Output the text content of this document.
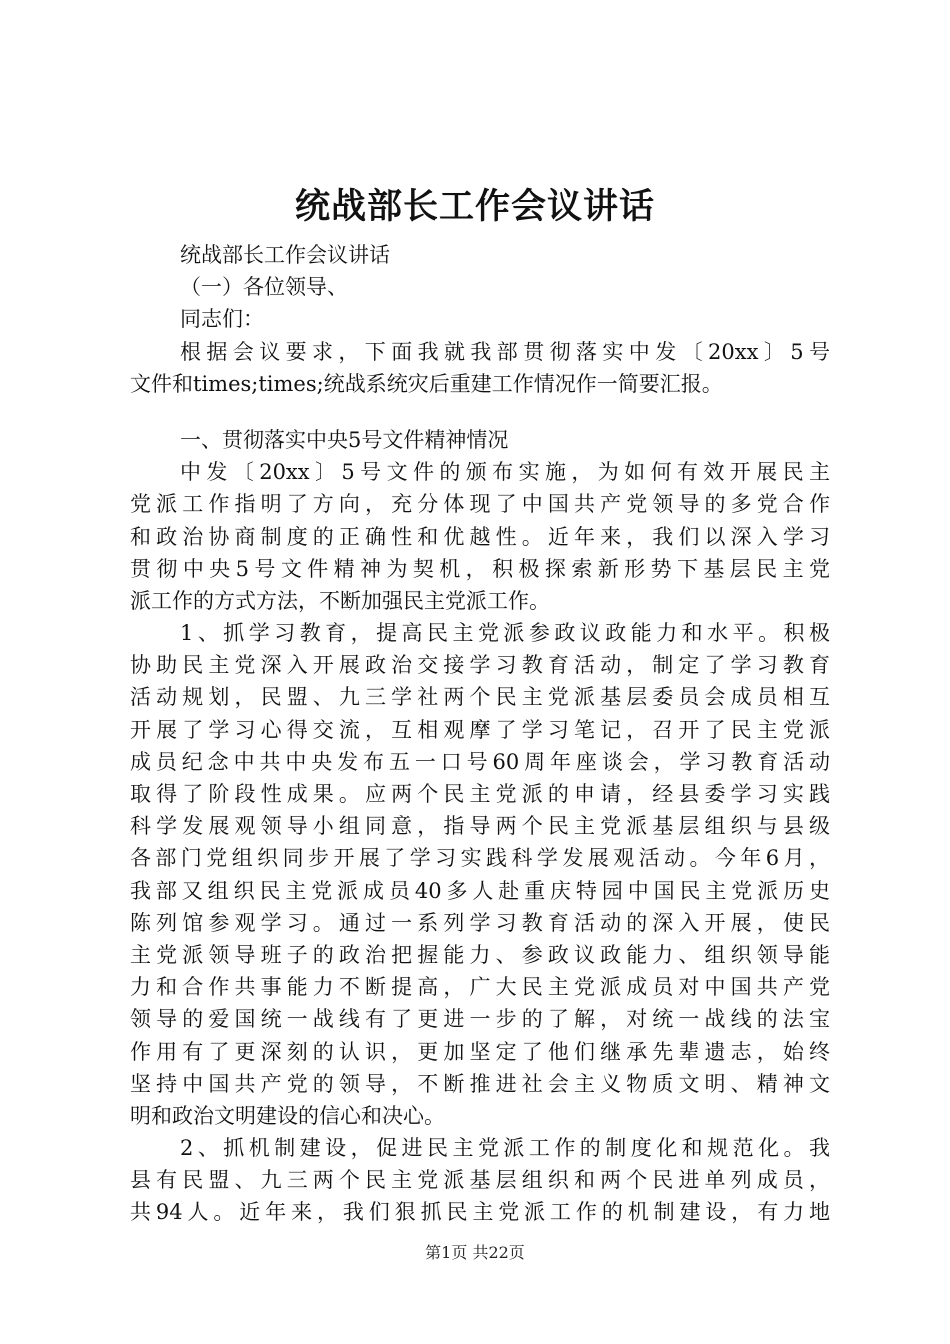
统战部长工作会议讲话
统战部长工作会议讲话
（一）各位领导、
同志们：
根据会议要求，下面我就我部贯彻落实中发〔20xx〕5号
文件和times;times;统战系统灾后重建工作情况作一简要汇报。
一、贯彻落实中央5号文件精神情况
中发〔20xx〕5号文件的颁布实施，为如何有效开展民主
党派工作指明了方向，充分体现了中国共产党领导的多党合作
和政治协商制度的正确性和优越性。近年来，我们以深入学习
贯彻中央5号文件精神为契机，积极探索新形势下基层民主党
派工作的方式方法，不断加强民主党派工作。
1、抓学习教育，提高民主党派参政议政能力和水平。积极
协助民主党深入开展政治交接学习教育活动，制定了学习教育
活动规划，民盟、九三学社两个民主党派基层委员会成员相互
开展了学习心得交流，互相观摩了学习笔记，召开了民主党派
成员纪念中共中央发布五一口号60周年座谈会，学习教育活动
取得了阶段性成果。应两个民主党派的申请，经县委学习实践
科学发展观领导小组同意，指导两个民主党派基层组织与县级
各部门党组织同步开展了学习实践科学发展观活动。今年6月，
我部又组织民主党派成员40多人赴重庆特园中国民主党派历史
陈列馆参观学习。通过一系列学习教育活动的深入开展，使民
主党派领导班子的政治把握能力、参政议政能力、组织领导能
力和合作共事能力不断提高，广大民主党派成员对中国共产党
领导的爱国统一战线有了更进一步的了解，对统一战线的法宝
作用有了更深刻的认识，更加坚定了他们继承先辈遗志，始终
坚持中国共产党的领导，不断推进社会主义物质文明、精神文
明和政治文明建设的信心和决心。
2、抓机制建设，促进民主党派工作的制度化和规范化。我
县有民盟、九三两个民主党派基层组织和两个民进单列成员，
共94人。近年来，我们狠抓民主党派工作的机制建设，有力地
第1页 共22页
